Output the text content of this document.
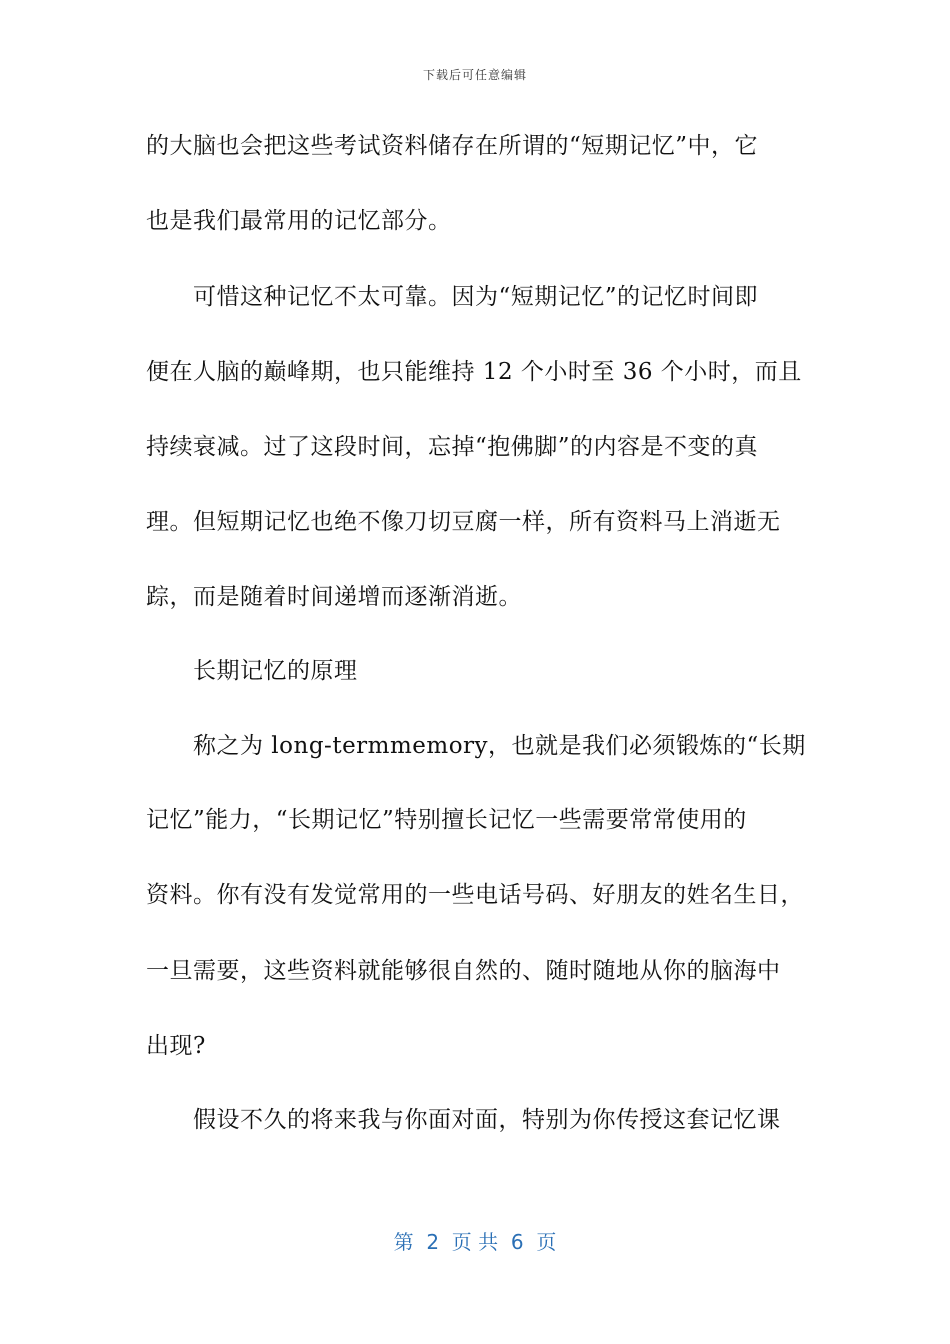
下载后可任意编辑
的大脑也会把这些考试资料储存在所谓的“短期记忆”中，它
也是我们最常用的记忆部分。
　　可惜这种记忆不太可靠。因为“短期记忆”的记忆时间即
便在人脑的巅峰期，也只能维持 12 个小时至 36 个小时，而且
持续衰减。过了这段时间，忘掉“抱佛脚”的内容是不变的真
理。但短期记忆也绝不像刀切豆腐一样，所有资料马上消逝无
踪，而是随着时间递增而逐渐消逝。
　　长期记忆的原理
　　称之为 long-termmemory，也就是我们必须锻炼的“长期
记忆”能力，“长期记忆”特别擅长记忆一些需要常常使用的
资料。你有没有发觉常用的一些电话号码、好朋友的姓名生日，
一旦需要，这些资料就能够很自然的、随时随地从你的脑海中
出现?
　　假设不久的将来我与你面对面，特别为你传授这套记忆课
第  2  页 共  6  页
